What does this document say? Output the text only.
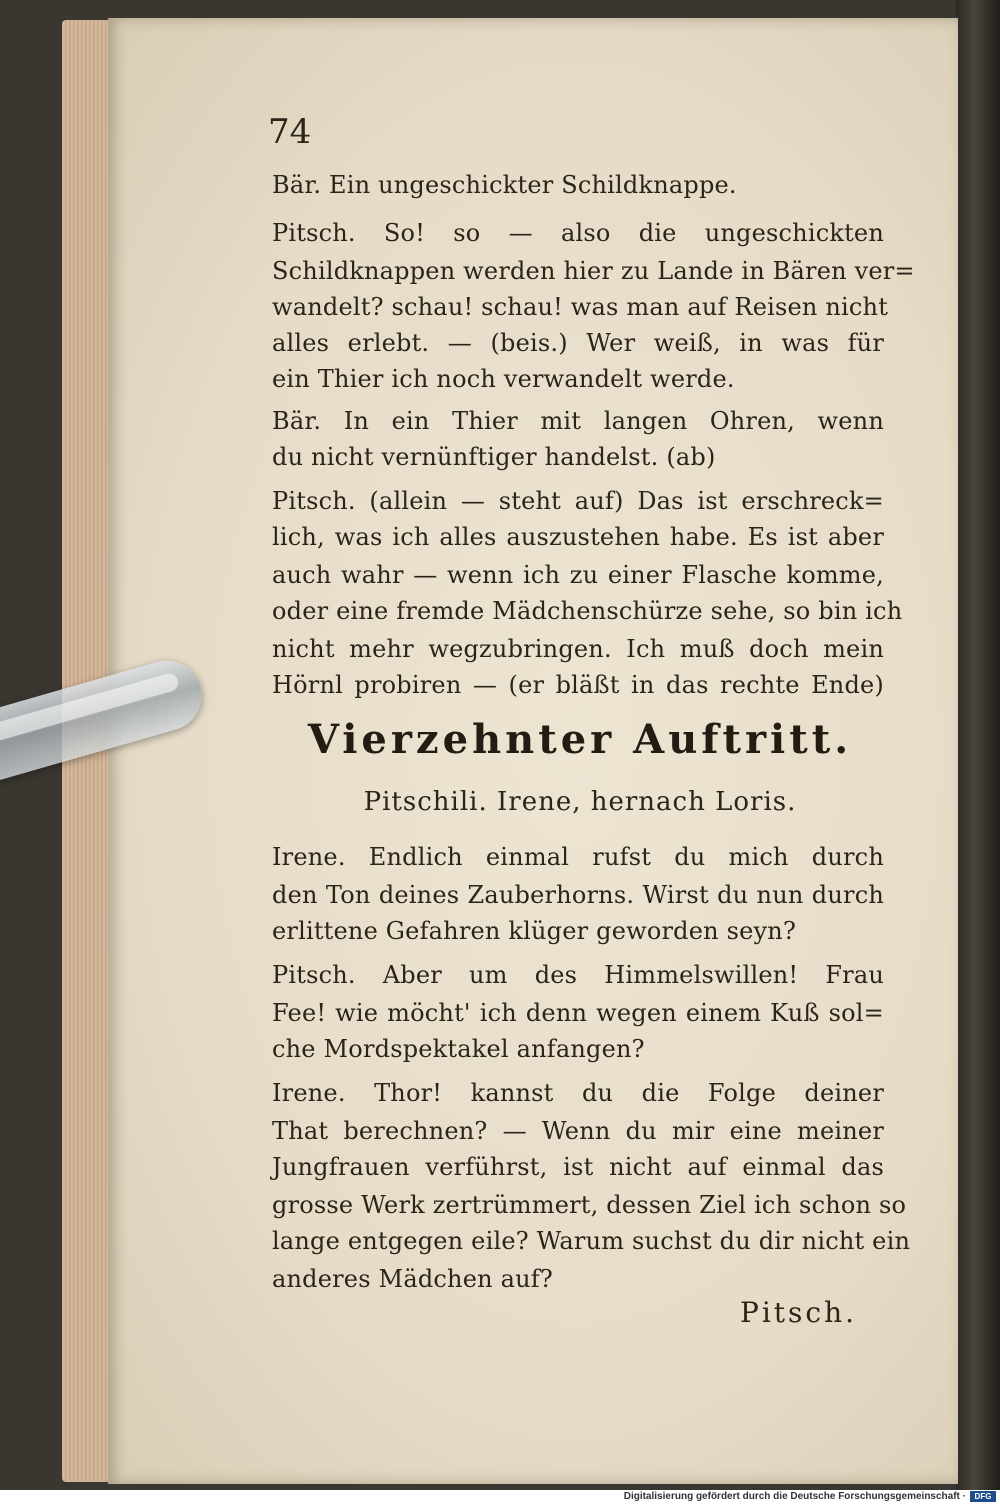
74
Bär. Ein ungeschickter Schildknappe.
Pitsch. So! so — also die ungeschickten
Schildknappen werden hier zu Lande in Bären ver=
wandelt? schau! schau! was man auf Reisen nicht
alles erlebt. — (beis.) Wer weiß, in was für
ein Thier ich noch verwandelt werde.
Bär. In ein Thier mit langen Ohren, wenn
du nicht vernünftiger handelst. (ab)
Pitsch. (allein — steht auf) Das ist erschreck=
lich, was ich alles auszustehen habe. Es ist aber
auch wahr — wenn ich zu einer Flasche komme,
oder eine fremde Mädchenschürze sehe, so bin ich
nicht mehr wegzubringen. Ich muß doch mein
Hörnl probiren — (er bläßt in das rechte Ende)
Vierzehnter Auftritt.
Pitschili. Irene, hernach Loris.
Irene. Endlich einmal rufst du mich durch
den Ton deines Zauberhorns. Wirst du nun durch
erlittene Gefahren klüger geworden seyn?
Pitsch. Aber um des Himmelswillen! Frau
Fee! wie möcht' ich denn wegen einem Kuß sol=
che Mordspektakel anfangen?
Irene. Thor! kannst du die Folge deiner
That berechnen? — Wenn du mir eine meiner
Jungfrauen verführst, ist nicht auf einmal das
grosse Werk zertrümmert, dessen Ziel ich schon so
lange entgegen eile? Warum suchst du dir nicht ein
anderes Mädchen auf?
Pitsch.
Digitalisierung gefördert durch die Deutsche Forschungsgemeinschaft ·	DFG
